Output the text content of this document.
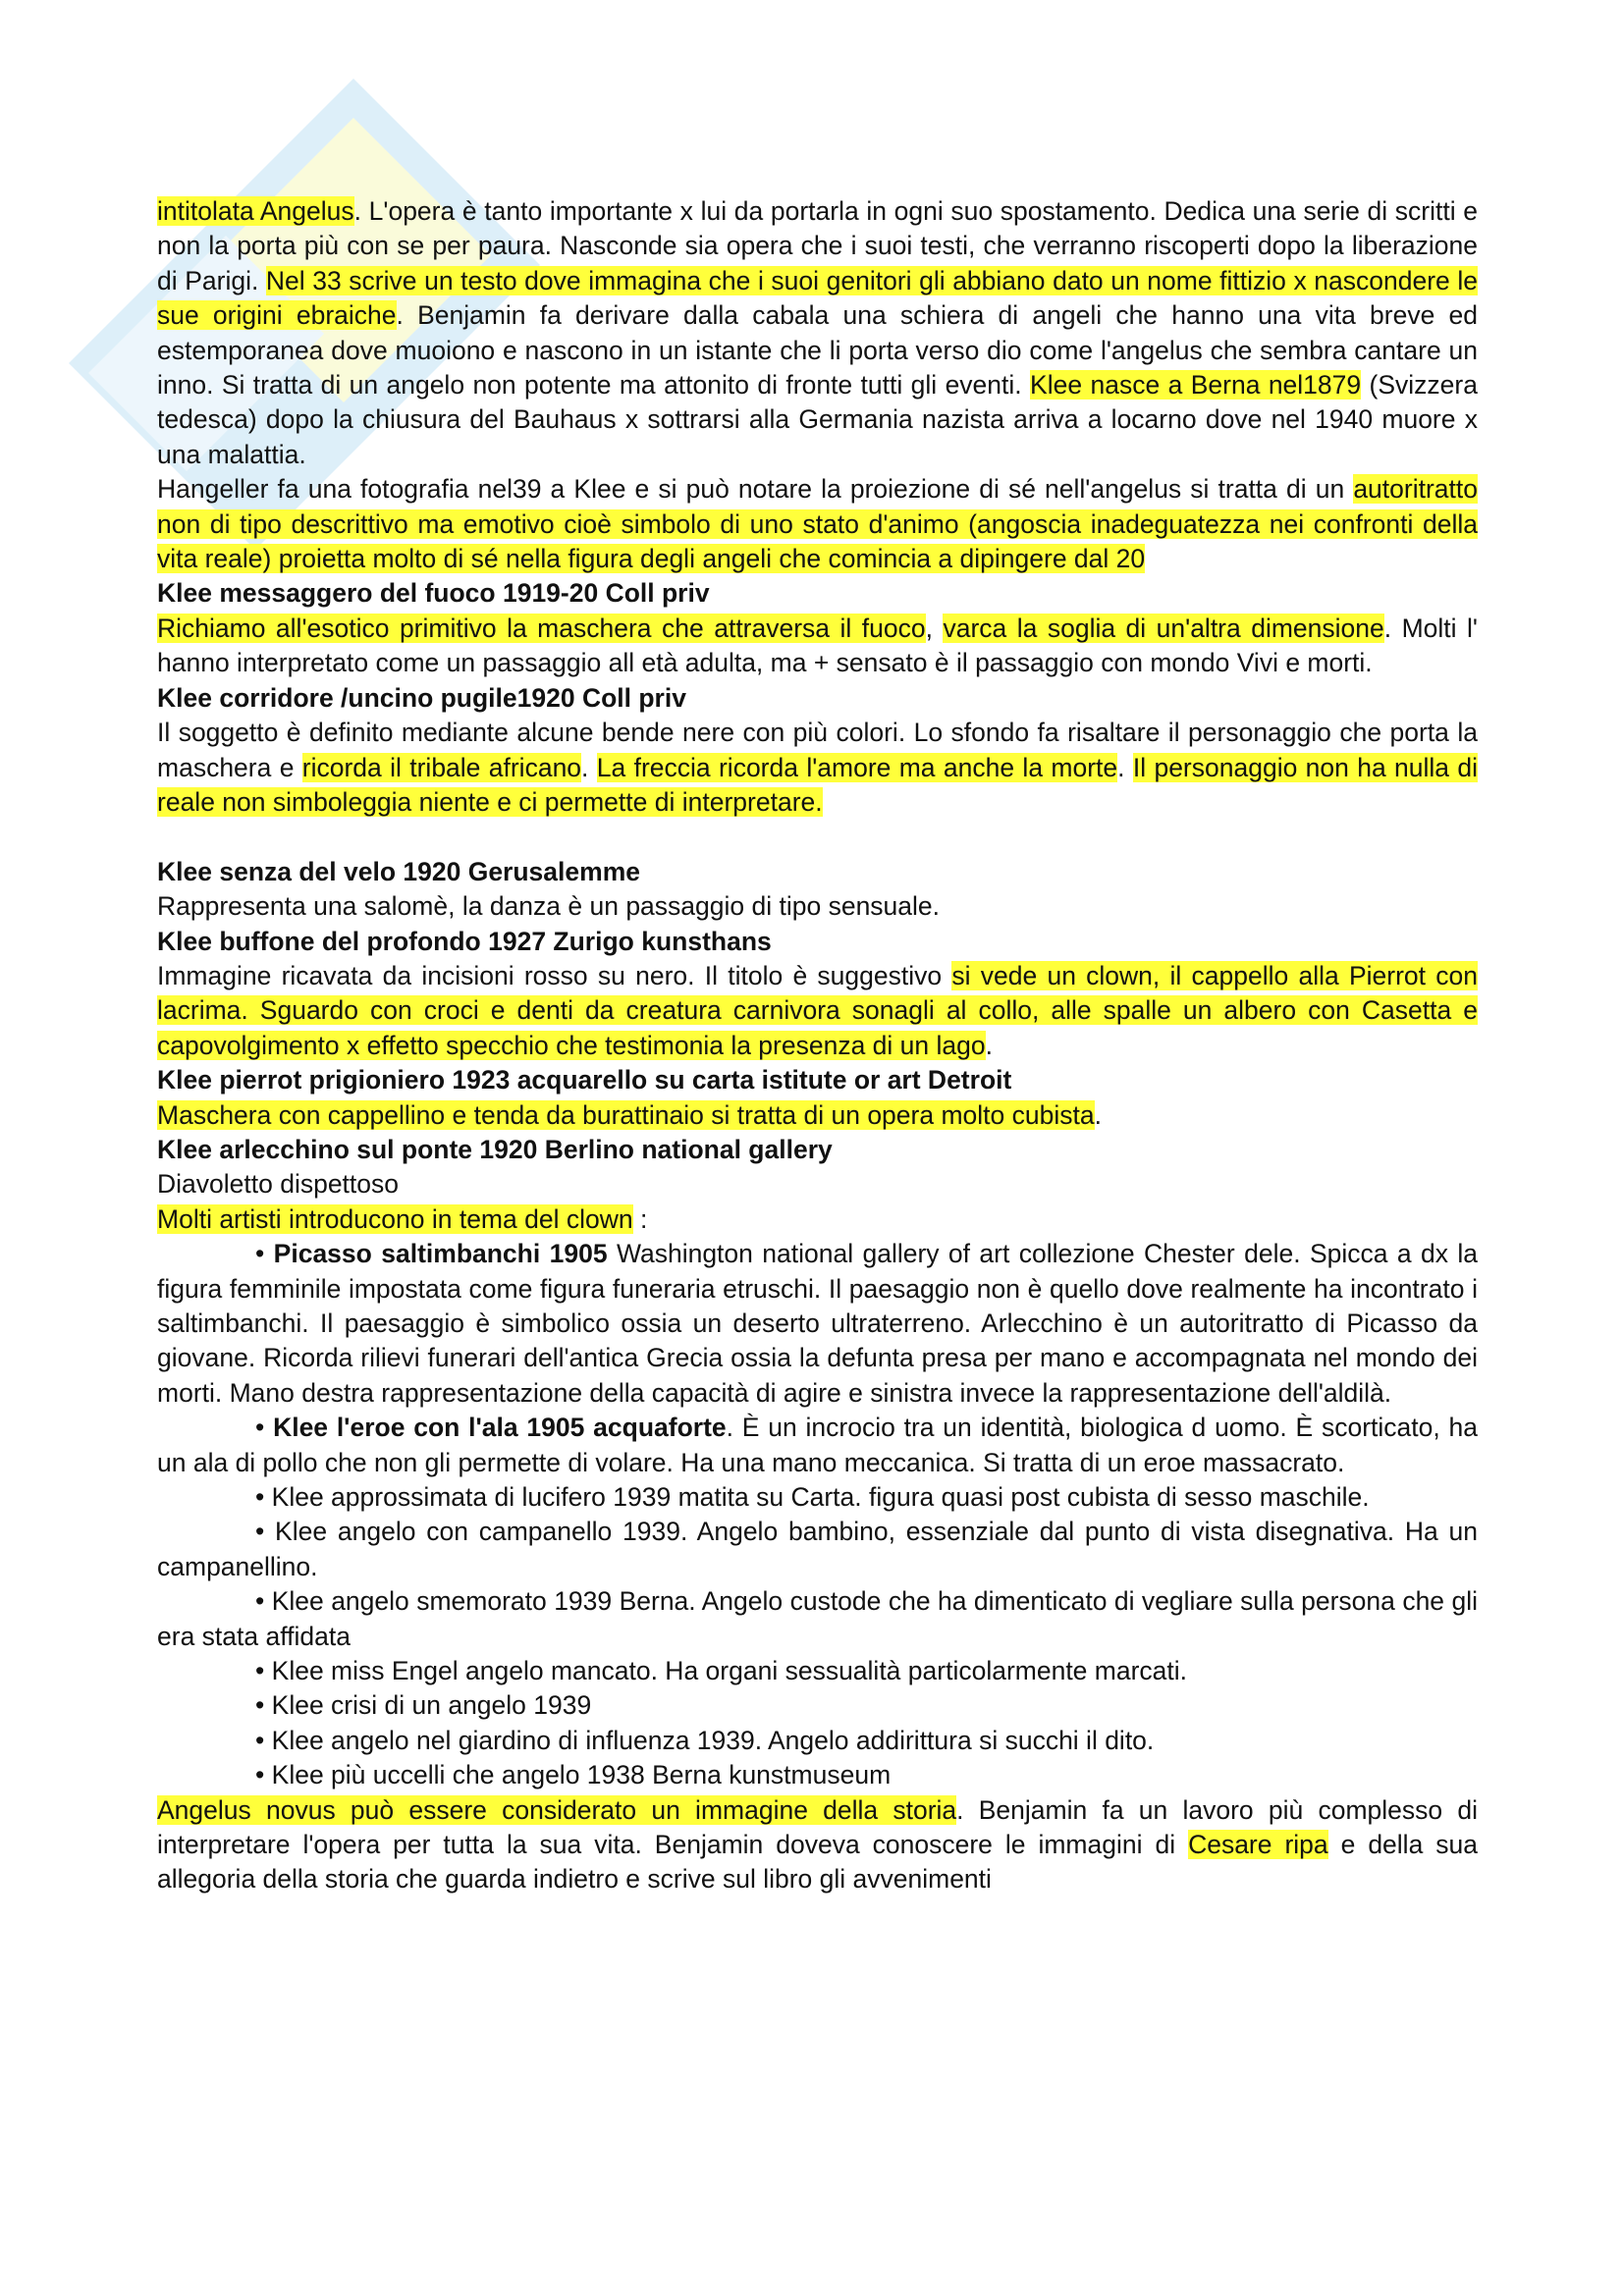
intitolata Angelus. L'opera è tanto importante x lui da portarla in ogni suo spostamento. Dedica una serie di scritti e non la porta più con se per paura. Nasconde sia opera che i suoi testi, che verranno riscoperti dopo la liberazione di Parigi. Nel 33 scrive un testo dove immagina che i suoi genitori gli abbiano dato un nome fittizio x nascondere le sue origini ebraiche. Benjamin fa derivare dalla cabala una schiera di angeli che hanno una vita breve ed estemporanea dove muoiono e nascono in un istante che li porta verso dio come l'angelus che sembra cantare un inno. Si tratta di un angelo non potente ma attonito di fronte tutti gli eventi. Klee nasce a Berna nel1879 (Svizzera tedesca) dopo la chiusura del Bauhaus x sottrarsi alla Germania nazista arriva a locarno dove nel 1940 muore x una malattia.

Hangeller fa una fotografia nel39 a Klee e si può notare la proiezione di sé nell'angelus si tratta di un autoritratto non di tipo descrittivo ma emotivo cioè simbolo di uno stato d'animo (angoscia inadeguatezza nei confronti della vita reale) proietta molto di sé nella figura degli angeli che comincia a dipingere dal 20

Klee messaggero del fuoco 1919-20 Coll priv

Richiamo all'esotico primitivo la maschera che attraversa il fuoco, varca la soglia di un'altra dimensione. Molti l' hanno interpretato come un passaggio all età adulta, ma + sensato è il passaggio con mondo Vivi e morti.

Klee corridore /uncino pugile1920 Coll priv

Il soggetto è definito mediante alcune bende nere con più colori. Lo sfondo fa risaltare il personaggio che porta la maschera e ricorda il tribale africano. La freccia ricorda l'amore ma anche la morte. Il personaggio non ha nulla di reale non simboleggia niente e ci permette di interpretare.

Klee senza del velo 1920 Gerusalemme

Rappresenta una salomè, la danza è un passaggio di tipo sensuale.

Klee buffone del profondo 1927 Zurigo kunsthans

Immagine ricavata da incisioni rosso su nero. Il titolo è suggestivo si vede un clown, il cappello alla Pierrot con lacrima. Sguardo con croci e denti da creatura carnivora sonagli al collo, alle spalle un albero con Casetta e capovolgimento x effetto specchio che testimonia la presenza di un lago.

Klee pierrot prigioniero 1923 acquarello su carta istitute or art Detroit

Maschera con cappellino e tenda da burattinaio si tratta di un opera molto cubista.

Klee arlecchino sul ponte 1920 Berlino national gallery

Diavoletto dispettoso

Molti artisti introducono in tema del clown :

• Picasso saltimbanchi 1905 Washington national gallery of art collezione Chester dele. Spicca a dx la figura femminile impostata come figura funeraria etruschi. Il paesaggio non è quello dove realmente ha incontrato i saltimbanchi. Il paesaggio è simbolico ossia un deserto ultraterreno. Arlecchino è un autoritratto di Picasso da giovane. Ricorda rilievi funerari dell'antica Grecia ossia la defunta presa per mano e accompagnata nel mondo dei morti. Mano destra rappresentazione della capacità di agire e sinistra invece la rappresentazione dell'aldilà.

• Klee l'eroe con l'ala 1905 acquaforte. È un incrocio tra un identità, biologica d uomo. È scorticato, ha un ala di pollo che non gli permette di volare. Ha una mano meccanica. Si tratta di un eroe massacrato.

• Klee approssimata di lucifero 1939 matita su Carta. figura quasi post cubista di sesso maschile.

• Klee angelo con campanello 1939. Angelo bambino, essenziale dal punto di vista disegnativa. Ha un campanellino.

• Klee angelo smemorato 1939 Berna. Angelo custode che ha dimenticato di vegliare sulla persona che gli era stata affidata

• Klee miss Engel angelo mancato. Ha organi sessualità particolarmente marcati.

• Klee crisi di un angelo 1939

• Klee angelo nel giardino di influenza 1939. Angelo addirittura si succhi il dito.

• Klee più uccelli che angelo 1938 Berna kunstmuseum

Angelus novus può essere considerato un immagine della storia. Benjamin fa un lavoro più complesso di interpretare l'opera per tutta la sua vita. Benjamin doveva conoscere le immagini di Cesare ripa e della sua allegoria della storia che guarda indietro e scrive sul libro gli avvenimenti
